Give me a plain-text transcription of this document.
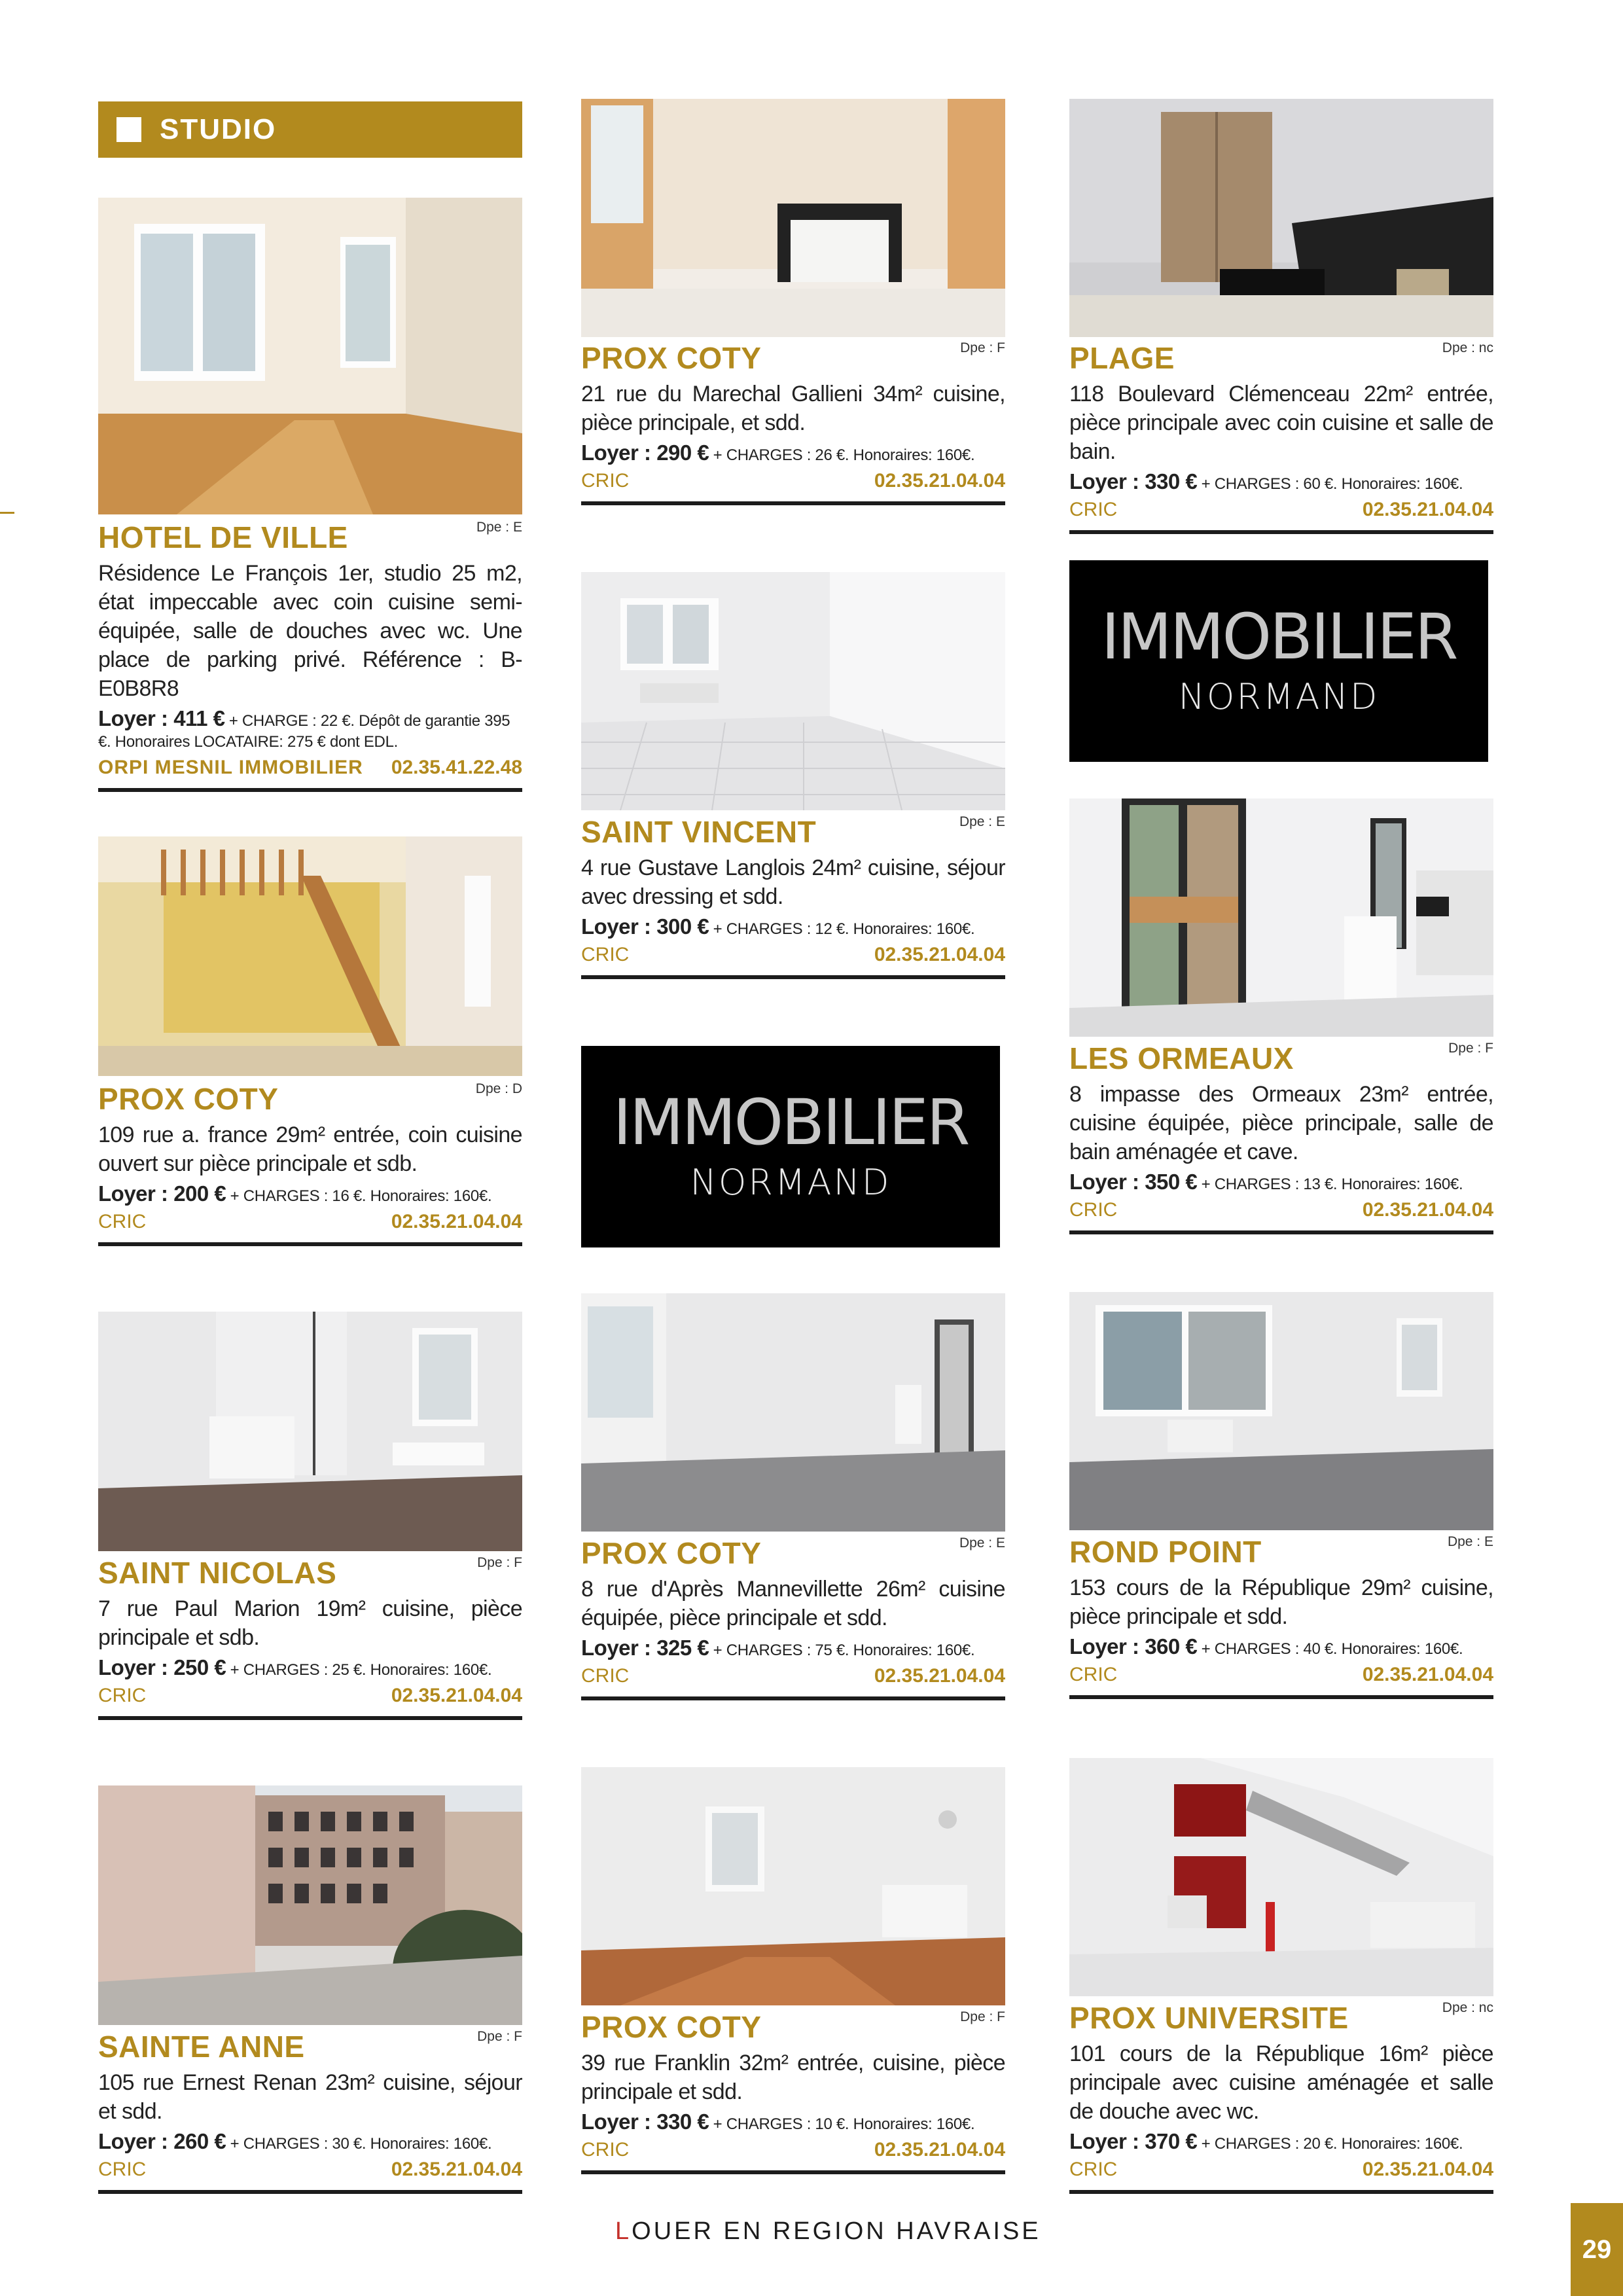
STUDIO
IMMOBILIER
NORMAND
IMMOBILIER
NORMAND
HOTEL DE VILLE	Dpe : E
Résidence Le François 1er, studio 25 m2, état impeccable avec coin cuisine semi-équipée, salle de douches avec wc. Une place de parking privé. Référence : B-E0B8R8
Loyer : 411 € + CHARGE : 22 €. Dépôt de garantie 395 €. Honoraires LOCATAIRE: 275 € dont EDL.
ORPI MESNIL IMMOBILIER 02.35.41.22.48
PROX COTY	Dpe : D
109 rue a. france 29m² entrée, coin cuisine ouvert sur pièce principale et sdb.
Loyer : 200 € + CHARGES : 16 €. Honoraires: 160€.
CRIC	02.35.21.04.04
SAINT NICOLAS	Dpe : F
7 rue Paul Marion 19m² cuisine, pièce principale et sdb.
Loyer : 250 € + CHARGES : 25 €. Honoraires: 160€.
CRIC	02.35.21.04.04
SAINTE ANNE	Dpe : F
105 rue Ernest Renan 23m² cuisine, séjour et sdd.
Loyer : 260 € + CHARGES : 30 €. Honoraires: 160€.
CRIC	02.35.21.04.04
PROX COTY	Dpe : F
21 rue du Marechal Gallieni 34m² cuisine, pièce principale, et sdd.
Loyer : 290 € + CHARGES : 26 €. Honoraires: 160€.
CRIC	02.35.21.04.04
SAINT VINCENT	Dpe : E
4 rue Gustave Langlois 24m² cuisine, séjour avec dressing et sdd.
Loyer : 300 € + CHARGES : 12 €. Honoraires: 160€.
CRIC	02.35.21.04.04
PROX COTY	Dpe : E
8 rue d'Après Mannevillette 26m² cuisine équipée, pièce principale et sdd.
Loyer : 325 € + CHARGES : 75 €. Honoraires: 160€.
CRIC	02.35.21.04.04
PROX COTY	Dpe : F
39 rue Franklin 32m² entrée, cuisine, pièce principale et sdd.
Loyer : 330 € + CHARGES : 10 €. Honoraires: 160€.
CRIC	02.35.21.04.04
PLAGE	Dpe : nc
118 Boulevard Clémenceau 22m² entrée, pièce principale avec coin cuisine et salle de bain.
Loyer : 330 € + CHARGES : 60 €. Honoraires: 160€.
CRIC	02.35.21.04.04
LES ORMEAUX	Dpe : F
8 impasse des Ormeaux 23m² entrée, cuisine équipée, pièce principale, salle de bain aménagée et cave.
Loyer : 350 € + CHARGES : 13 €. Honoraires: 160€.
CRIC	02.35.21.04.04
ROND POINT	Dpe : E
153 cours de la République 29m² cuisine, pièce principale et sdd.
Loyer : 360 € + CHARGES : 40 €. Honoraires: 160€.
CRIC	02.35.21.04.04
PROX UNIVERSITE	Dpe : nc
101 cours de la République 16m² pièce principale avec cuisine aménagée et salle de douche avec wc.
Loyer : 370 € + CHARGES : 20 €. Honoraires: 160€.
CRIC	02.35.21.04.04
LOUER EN REGION HAVRAISE
29
